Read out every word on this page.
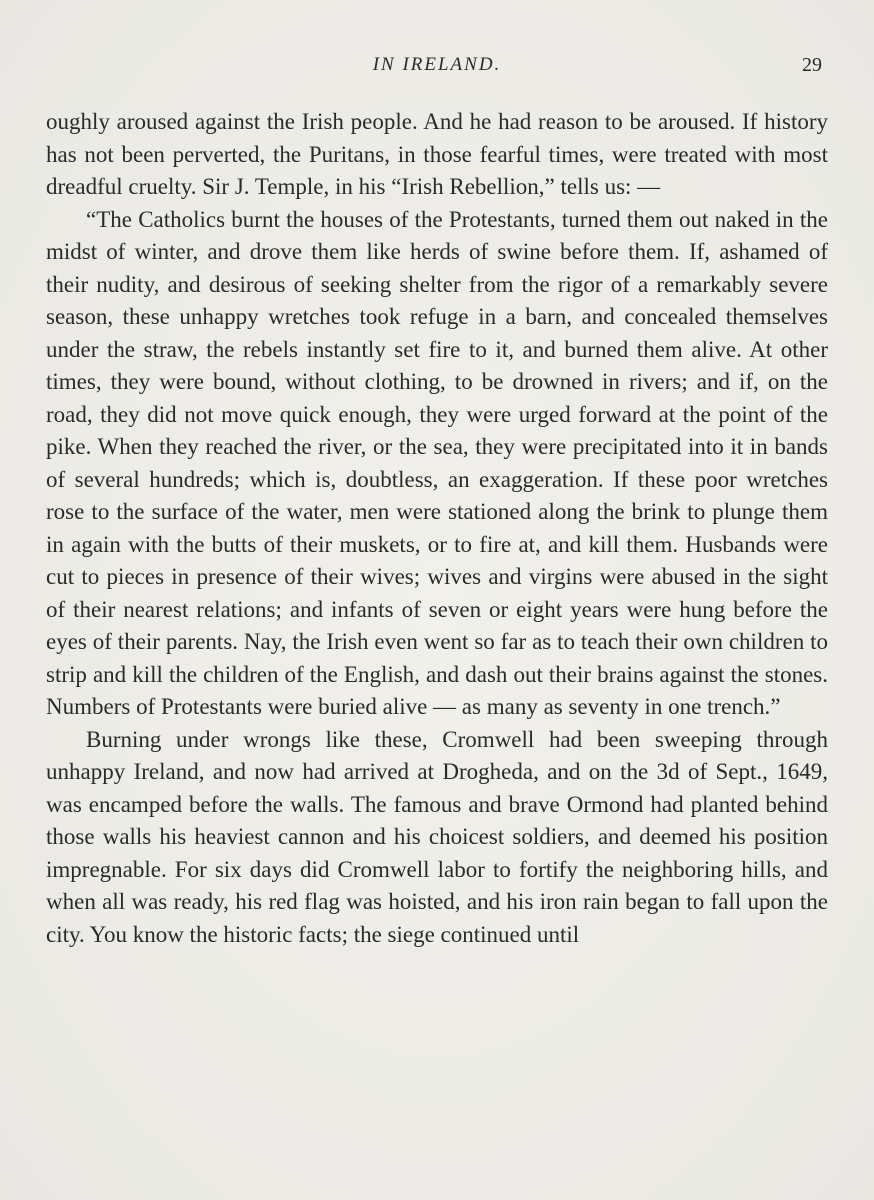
IN IRELAND.	29

oughly aroused against the Irish people. And he had reason to be aroused. If history has not been perverted, the Puritans, in those fearful times, were treated with most dreadful cruelty. Sir J. Temple, in his “Irish Rebellion,” tells us: —

“The Catholics burnt the houses of the Protestants, turned them out naked in the midst of winter, and drove them like herds of swine before them. If, ashamed of their nudity, and desirous of seeking shelter from the rigor of a remarkably severe season, these unhappy wretches took refuge in a barn, and concealed themselves under the straw, the rebels instantly set fire to it, and burned them alive. At other times, they were bound, without clothing, to be drowned in rivers; and if, on the road, they did not move quick enough, they were urged forward at the point of the pike. When they reached the river, or the sea, they were precipitated into it in bands of several hundreds; which is, doubtless, an exaggeration. If these poor wretches rose to the surface of the water, men were stationed along the brink to plunge them in again with the butts of their muskets, or to fire at, and kill them. Husbands were cut to pieces in presence of their wives; wives and virgins were abused in the sight of their nearest relations; and infants of seven or eight years were hung before the eyes of their parents. Nay, the Irish even went so far as to teach their own children to strip and kill the children of the English, and dash out their brains against the stones. Numbers of Protestants were buried alive — as many as seventy in one trench.”

Burning under wrongs like these, Cromwell had been sweeping through unhappy Ireland, and now had arrived at Drogheda, and on the 3d of Sept., 1649, was encamped before the walls. The famous and brave Ormond had planted behind those walls his heaviest cannon and his choicest soldiers, and deemed his position impregnable. For six days did Cromwell labor to fortify the neighboring hills, and when all was ready, his red flag was hoisted, and his iron rain began to fall upon the city. You know the historic facts; the siege continued until
